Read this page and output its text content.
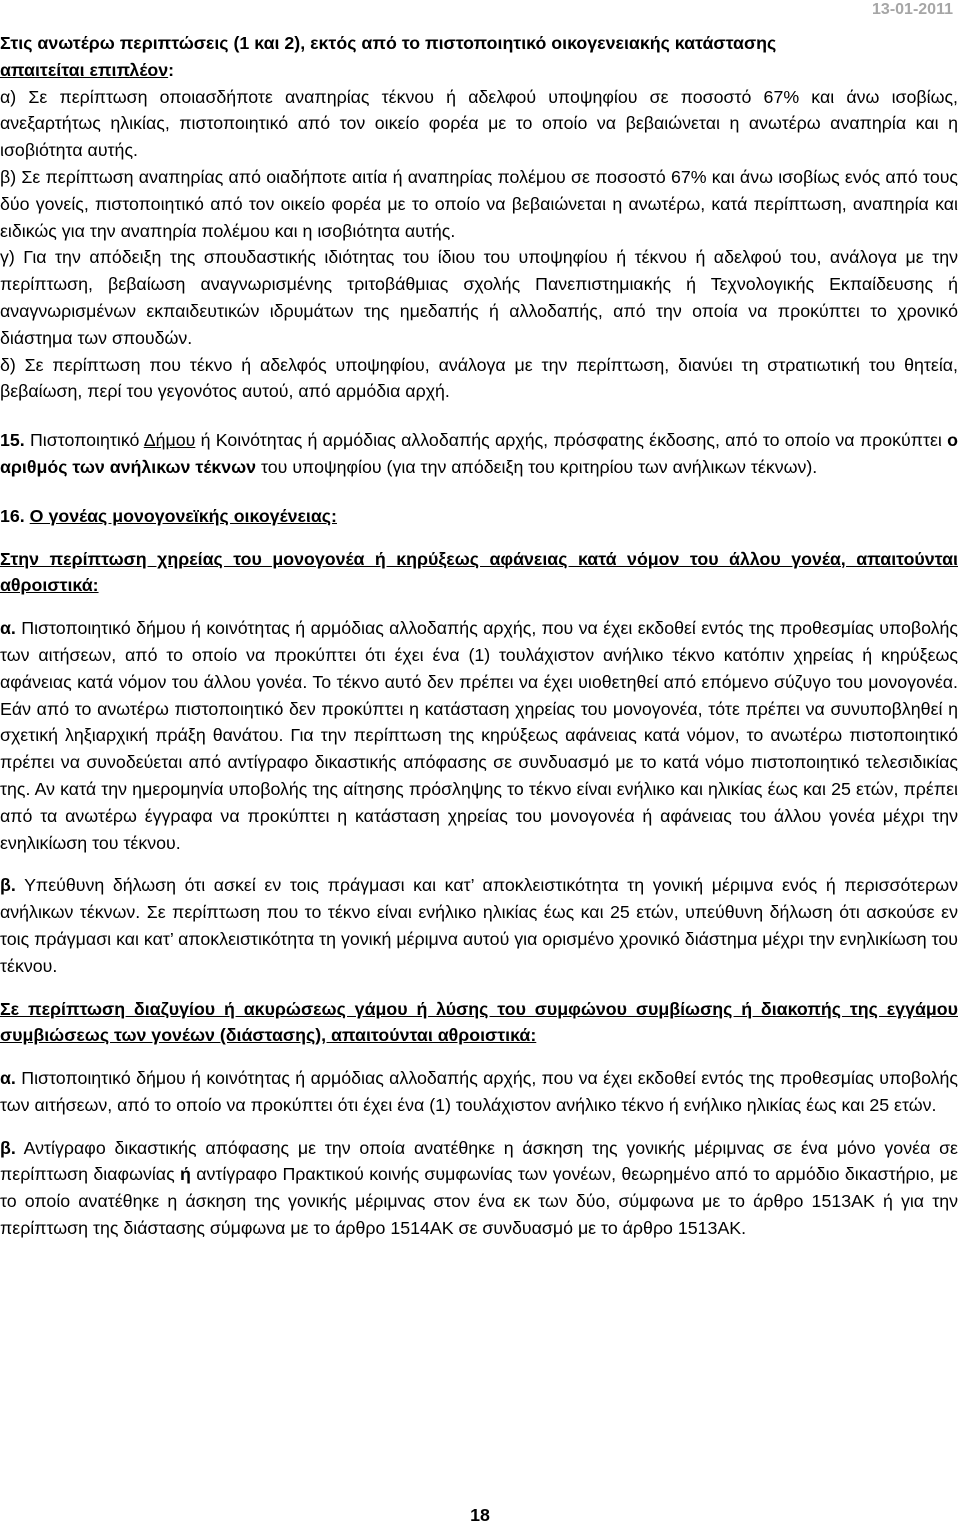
13-01-2011

Στις ανωτέρω περιπτώσεις (1 και 2), εκτός από το πιστοποιητικό οικογενειακής κατάστασης
απαιτείται επιπλέον:

α) Σε περίπτωση οποιασδήποτε αναπηρίας τέκνου ή αδελφού υποψηφίου σε ποσοστό 67% και άνω ισοβίως, ανεξαρτήτως ηλικίας, πιστοποιητικό από τον οικείο φορέα με το οποίο να βεβαιώνεται η ανωτέρω αναπηρία και η ισοβιότητα αυτής.

β) Σε περίπτωση αναπηρίας από οιαδήποτε αιτία ή αναπηρίας πολέμου σε ποσοστό 67% και άνω ισοβίως ενός από τους δύο γονείς, πιστοποιητικό από τον οικείο φορέα με το οποίο να βεβαιώνεται η ανωτέρω, κατά περίπτωση, αναπηρία και ειδικώς για την αναπηρία πολέμου και η ισοβιότητα αυτής.

γ) Για την απόδειξη της σπουδαστικής ιδιότητας του ίδιου του υποψηφίου ή τέκνου ή αδελφού του, ανάλογα με την περίπτωση, βεβαίωση αναγνωρισμένης τριτοβάθμιας σχολής Πανεπιστημιακής ή Τεχνολογικής Εκπαίδευσης ή αναγνωρισμένων εκπαιδευτικών ιδρυμάτων της ημεδαπής ή αλλοδαπής, από την οποία να προκύπτει το χρονικό διάστημα των σπουδών.

δ) Σε περίπτωση που τέκνο ή αδελφός υποψηφίου, ανάλογα με την περίπτωση, διανύει τη στρατιωτική του θητεία, βεβαίωση, περί του γεγονότος αυτού, από αρμόδια αρχή.

15. Πιστοποιητικό Δήμου ή Κοινότητας ή αρμόδιας αλλοδαπής αρχής, πρόσφατης έκδοσης, από το οποίο να προκύπτει ο αριθμός των ανήλικων τέκνων του υποψηφίου (για την απόδειξη του κριτηρίου των ανήλικων τέκνων).

16. Ο γονέας μονογονεϊκής οικογένειας:

Στην περίπτωση χηρείας του μονογονέα ή κηρύξεως αφάνειας κατά νόμον του άλλου γονέα, απαιτούνται αθροιστικά:

α. Πιστοποιητικό δήμου ή κοινότητας ή αρμόδιας αλλοδαπής αρχής, που να έχει εκδοθεί εντός της προθεσμίας υποβολής των αιτήσεων, από το οποίο να προκύπτει ότι έχει ένα (1) τουλάχιστον ανήλικο τέκνο κατόπιν χηρείας ή κηρύξεως αφάνειας κατά νόμον του άλλου γονέα. Το τέκνο αυτό δεν πρέπει να έχει υιοθετηθεί από επόμενο σύζυγο του μονογονέα. Εάν από το ανωτέρω πιστοποιητικό δεν προκύπτει η κατάσταση χηρείας του μονογονέα, τότε πρέπει να συνυποβληθεί η σχετική ληξιαρχική πράξη θανάτου. Για την περίπτωση της κηρύξεως αφάνειας κατά νόμον, το ανωτέρω πιστοποιητικό πρέπει να συνοδεύεται από αντίγραφο δικαστικής απόφασης σε συνδυασμό με το κατά νόμο πιστοποιητικό τελεσιδικίας της. Αν κατά την ημερομηνία υποβολής της αίτησης πρόσληψης το τέκνο είναι ενήλικο και ηλικίας έως και 25 ετών, πρέπει από τα ανωτέρω έγγραφα να προκύπτει η κατάσταση χηρείας του μονογονέα ή αφάνειας του άλλου γονέα μέχρι την ενηλικίωση του τέκνου.

β. Υπεύθυνη δήλωση ότι ασκεί εν τοις πράγμασι και κατ’ αποκλειστικότητα τη γονική μέριμνα ενός ή περισσότερων ανήλικων τέκνων. Σε περίπτωση που το τέκνο είναι ενήλικο ηλικίας έως και 25 ετών, υπεύθυνη δήλωση ότι ασκούσε εν τοις πράγμασι και κατ’ αποκλειστικότητα τη γονική μέριμνα αυτού για ορισμένο χρονικό διάστημα μέχρι την ενηλικίωση του τέκνου.

Σε περίπτωση διαζυγίου ή ακυρώσεως γάμου ή λύσης του συμφώνου συμβίωσης ή διακοπής της εγγάμου συμβιώσεως των γονέων (διάστασης), απαιτούνται αθροιστικά:

α. Πιστοποιητικό δήμου ή κοινότητας ή αρμόδιας αλλοδαπής αρχής, που να έχει εκδοθεί εντός της προθεσμίας υποβολής των αιτήσεων, από το οποίο να προκύπτει ότι έχει ένα (1) τουλάχιστον ανήλικο τέκνο ή ενήλικο ηλικίας έως και 25 ετών.

β. Αντίγραφο δικαστικής απόφασης με την οποία ανατέθηκε η άσκηση της γονικής μέριμνας σε ένα μόνο γονέα σε περίπτωση διαφωνίας ή αντίγραφο Πρακτικού κοινής συμφωνίας των γονέων, θεωρημένο από το αρμόδιο δικαστήριο, με το οποίο ανατέθηκε η άσκηση της γονικής μέριμνας στον ένα εκ των δύο, σύμφωνα με το άρθρο 1513ΑΚ ή για την περίπτωση της διάστασης σύμφωνα με το άρθρο 1514ΑΚ σε συνδυασμό με το άρθρο 1513ΑΚ.

18
